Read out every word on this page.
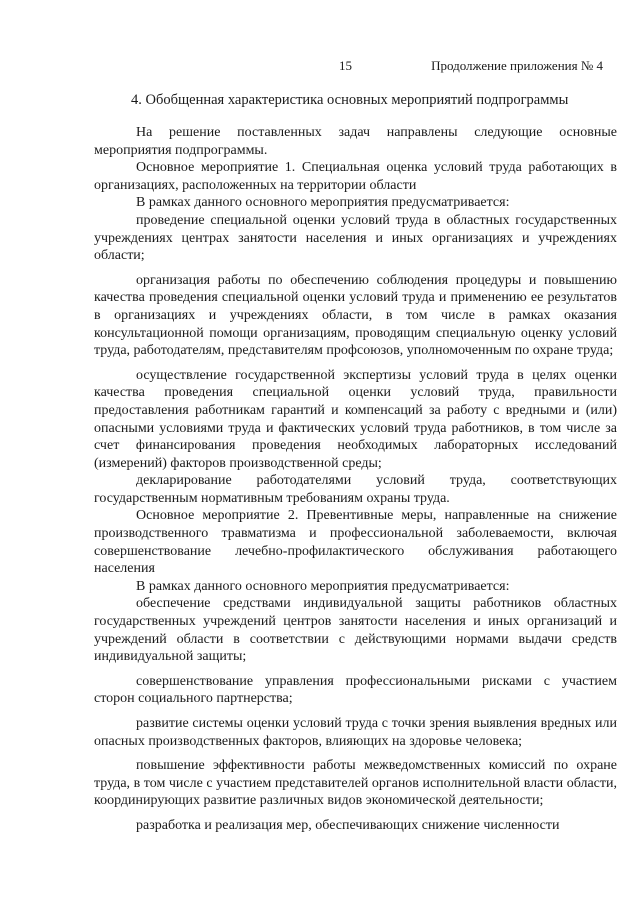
15	Продолжение приложения № 4
4. Обобщенная характеристика основных мероприятий подпрограммы

На решение поставленных задач направлены следующие основные мероприятия подпрограммы.

Основное мероприятие 1. Специальная оценка условий труда работающих в организациях, расположенных на территории области

В рамках данного основного мероприятия предусматривается:

проведение специальной оценки условий труда в областных государственных учреждениях центрах занятости населения и иных организациях и учреждениях области;

организация работы по обеспечению соблюдения процедуры и повышению качества проведения специальной оценки условий труда и применению ее результатов в организациях и учреждениях области, в том числе в рамках оказания консультационной помощи организациям, проводящим специальную оценку условий труда, работодателям, представителям профсоюзов, уполномоченным по охране труда;

осуществление государственной экспертизы условий труда в целях оценки качества проведения специальной оценки условий труда, правильности предоставления работникам гарантий и компенсаций за работу с вредными и (или) опасными условиями труда и фактических условий труда работников, в том числе за счет финансирования проведения необходимых лабораторных исследований (измерений) факторов производственной среды;

декларирование работодателями условий труда, соответствующих государственным нормативным требованиям охраны труда.

Основное мероприятие 2. Превентивные меры, направленные на снижение производственного травматизма и профессиональной заболеваемости, включая совершенствование лечебно-профилактического обслуживания работающего населения

В рамках данного основного мероприятия предусматривается:

обеспечение средствами индивидуальной защиты работников областных государственных учреждений центров занятости населения и иных организаций и учреждений области в соответствии с действующими нормами выдачи средств индивидуальной защиты;

совершенствование управления профессиональными рисками с участием сторон социального партнерства;

развитие системы оценки условий труда с точки зрения выявления вредных или опасных производственных факторов, влияющих на здоровье человека;

повышение эффективности работы межведомственных комиссий по охране труда, в том числе с участием представителей органов исполнительной власти области, координирующих развитие различных видов экономической деятельности;

разработка и реализация мер, обеспечивающих снижение численности
